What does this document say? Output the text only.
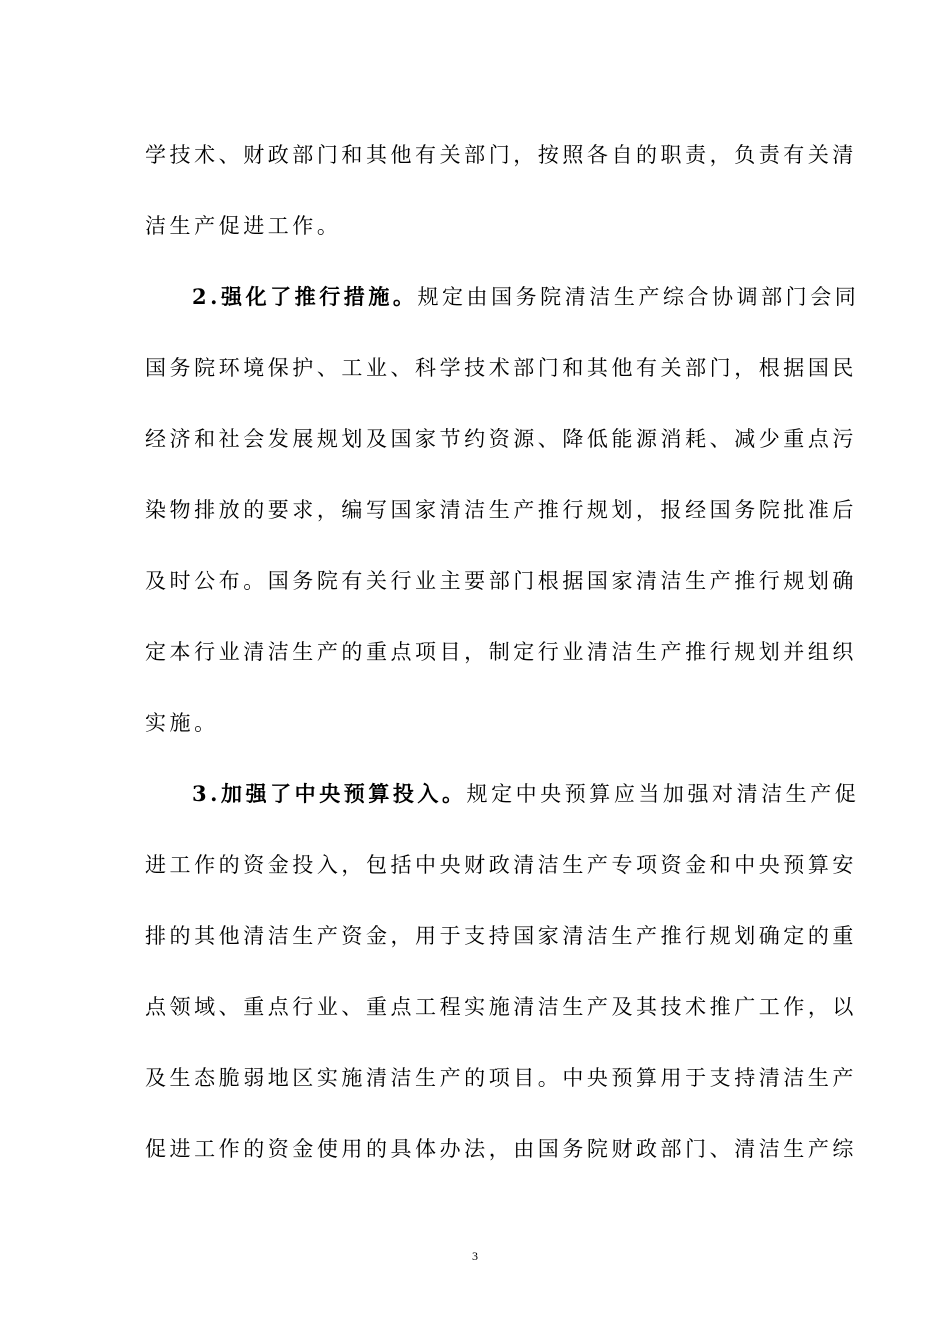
学技术、财政部门和其他有关部门，按照各自的职责，负责有关清
洁生产促进工作。
2.强化了推行措施。规定由国务院清洁生产综合协调部门会同
国务院环境保护、工业、科学技术部门和其他有关部门，根据国民
经济和社会发展规划及国家节约资源、降低能源消耗、减少重点污
染物排放的要求，编写国家清洁生产推行规划，报经国务院批准后
及时公布。国务院有关行业主要部门根据国家清洁生产推行规划确
定本行业清洁生产的重点项目，制定行业清洁生产推行规划并组织
实施。
3.加强了中央预算投入。规定中央预算应当加强对清洁生产促
进工作的资金投入，包括中央财政清洁生产专项资金和中央预算安
排的其他清洁生产资金，用于支持国家清洁生产推行规划确定的重
点领域、重点行业、重点工程实施清洁生产及其技术推广工作，以
及生态脆弱地区实施清洁生产的项目。中央预算用于支持清洁生产
促进工作的资金使用的具体办法，由国务院财政部门、清洁生产综
3
